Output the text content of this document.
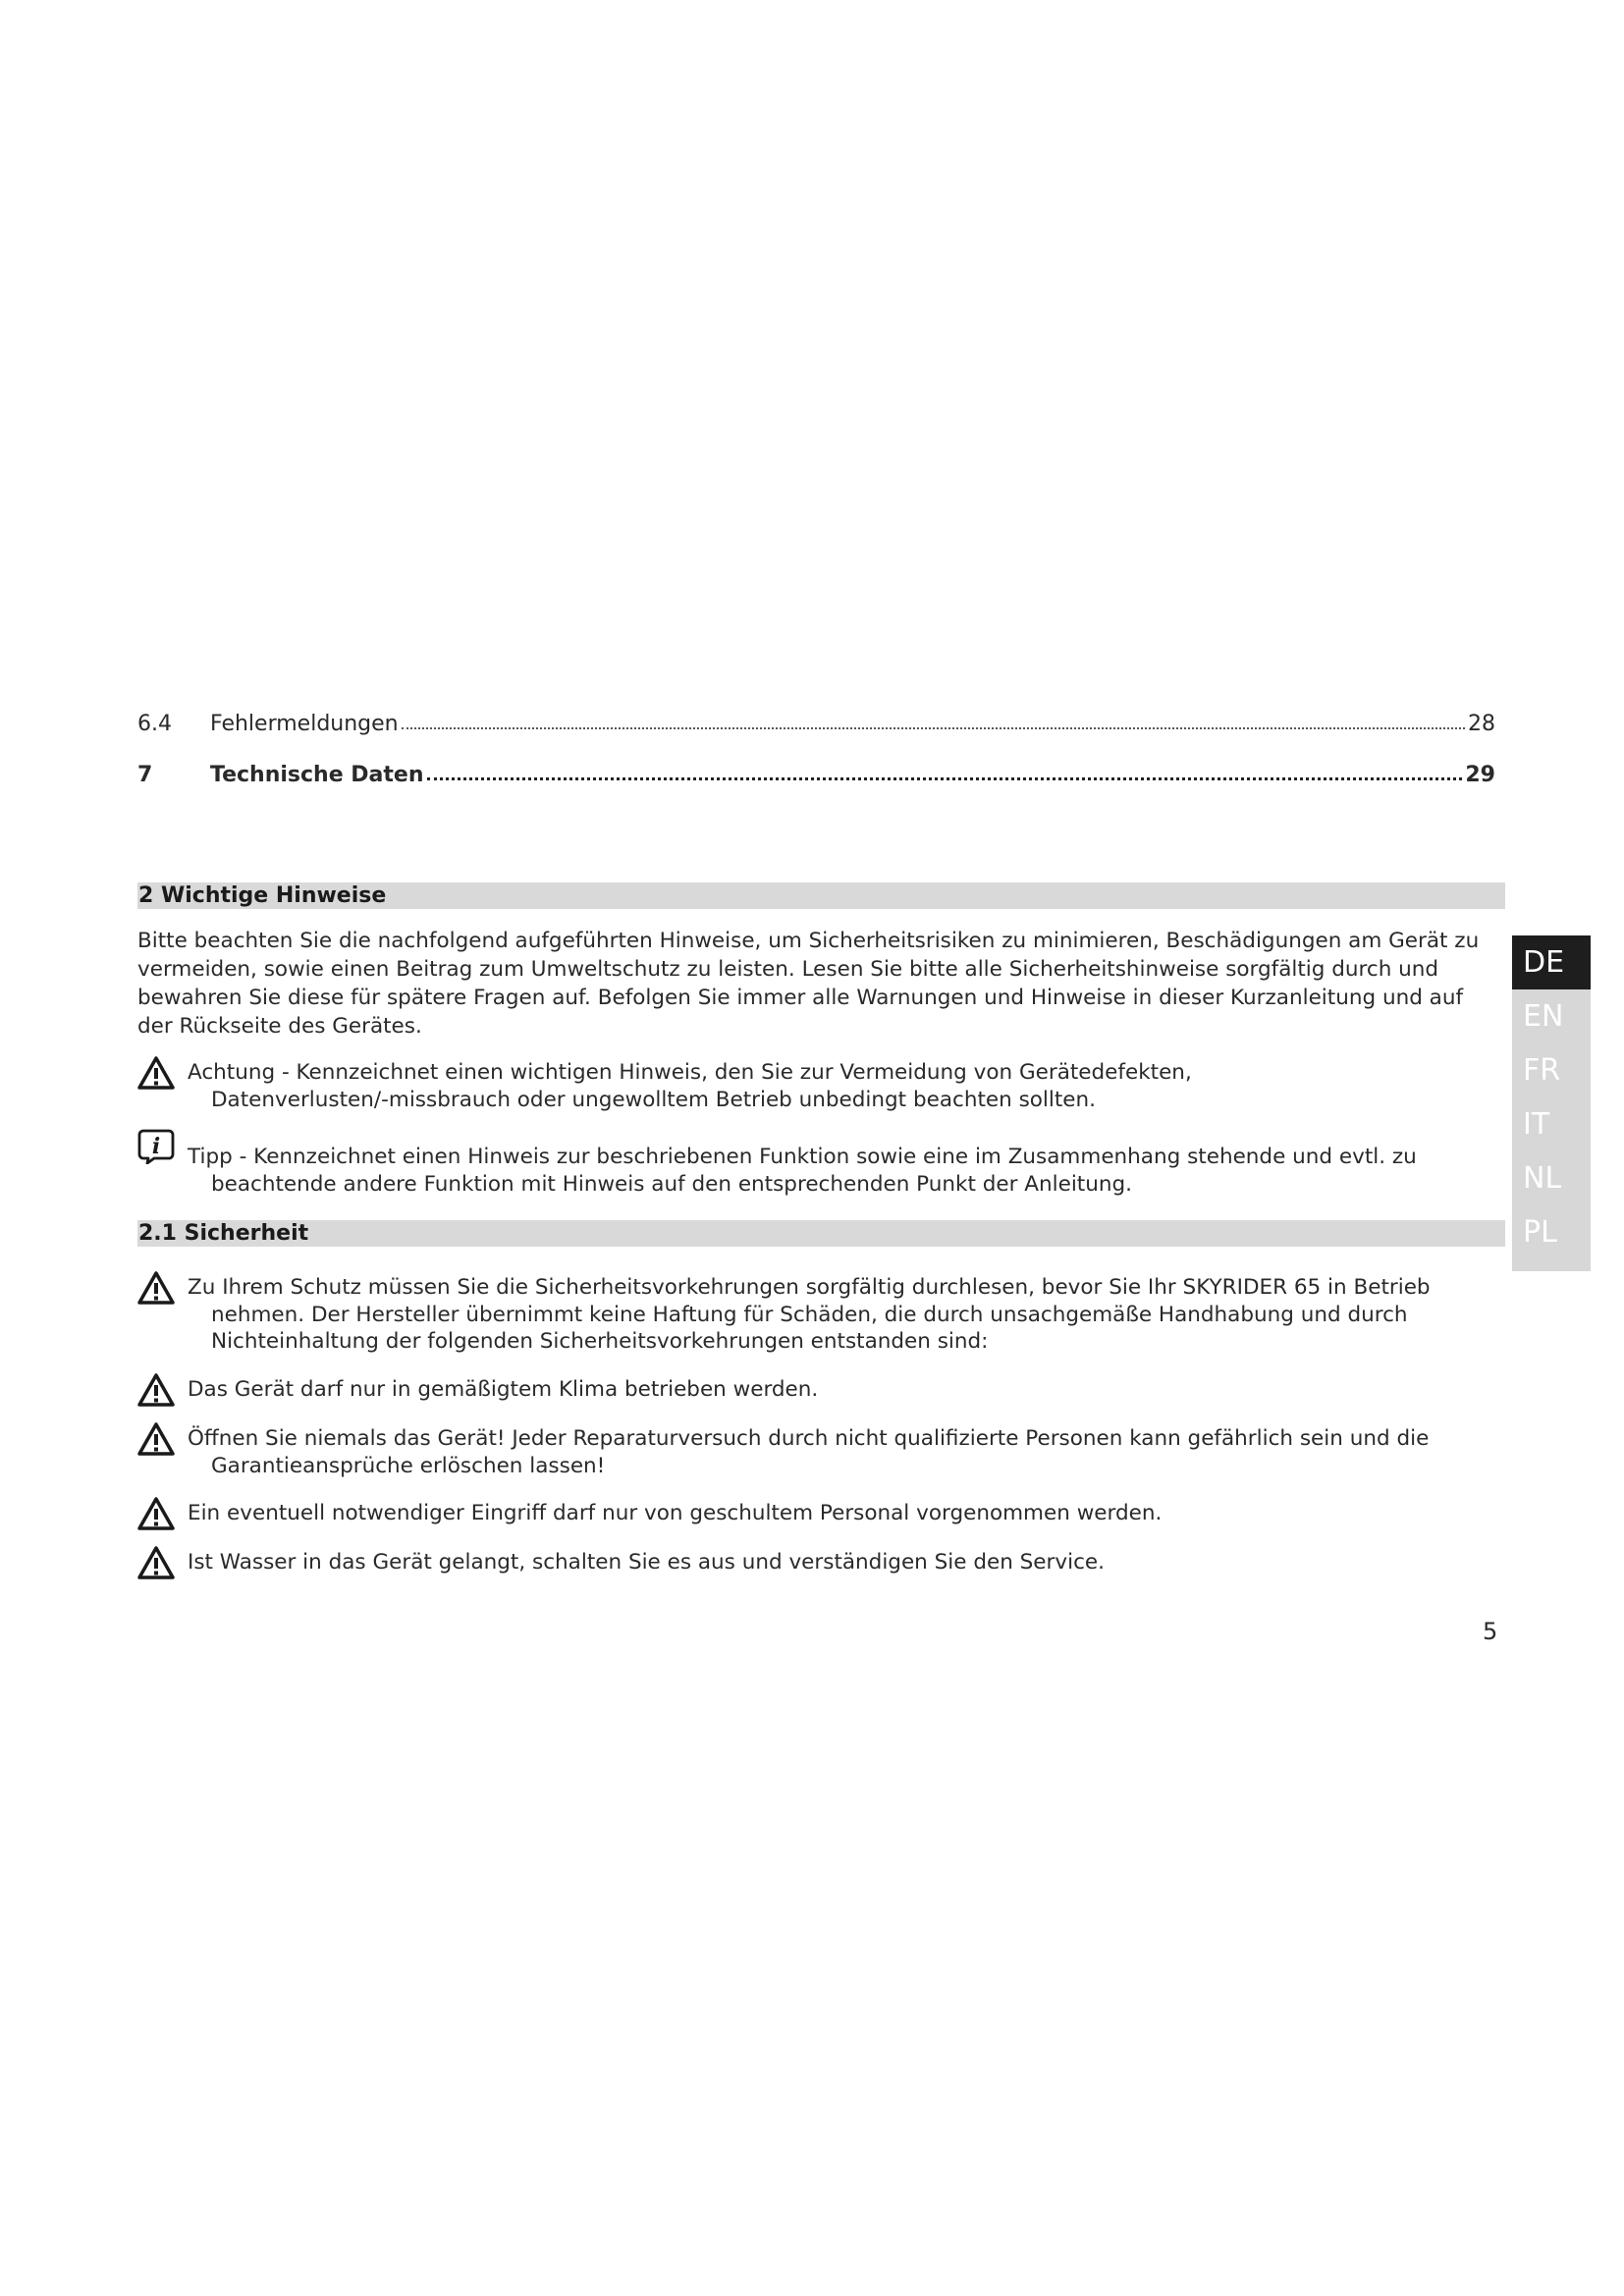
6.4	Fehlermeldungen	28
7	Technische Daten	29
2 Wichtige Hinweise

Bitte beachten Sie die nachfolgend aufgeführten Hinweise, um Sicherheitsrisiken zu minimieren, Beschädigungen am Gerät zu vermeiden, sowie einen Beitrag zum Umweltschutz zu leisten. Lesen Sie bitte alle Sicherheitshinweise sorgfältig durch und bewahren Sie diese für spätere Fragen auf. Befolgen Sie immer alle Warnungen und Hinweise in dieser Kurzanleitung und auf der Rückseite des Gerätes.

Achtung - Kennzeichnet einen wichtigen Hinweis, den Sie zur Vermeidung von Gerätedefekten,
Datenverlusten/-missbrauch oder ungewolltem Betrieb unbedingt beachten sollten.
i	Tipp - Kennzeichnet einen Hinweis zur beschriebenen Funktion sowie eine im Zusammenhang stehende und evtl. zu
beachtende andere Funktion mit Hinweis auf den entsprechenden Punkt der Anleitung.
2.1 Sicherheit
Zu Ihrem Schutz müssen Sie die Sicherheitsvorkehrungen sorgfältig durchlesen, bevor Sie Ihr SKYRIDER 65 in Betrieb
nehmen. Der Hersteller übernimmt keine Haftung für Schäden, die durch unsachgemäße Handhabung und durch
Nichteinhaltung der folgenden Sicherheitsvorkehrungen entstanden sind:
Das Gerät darf nur in gemäßigtem Klima betrieben werden.
Öffnen Sie niemals das Gerät! Jeder Reparaturversuch durch nicht qualifizierte Personen kann gefährlich sein und die
Garantieansprüche erlöschen lassen!
Ein eventuell notwendiger Eingriff darf nur von geschultem Personal vorgenommen werden.
Ist Wasser in das Gerät gelangt, schalten Sie es aus und verständigen Sie den Service.
DE
EN
FR
IT
NL
PL
5
